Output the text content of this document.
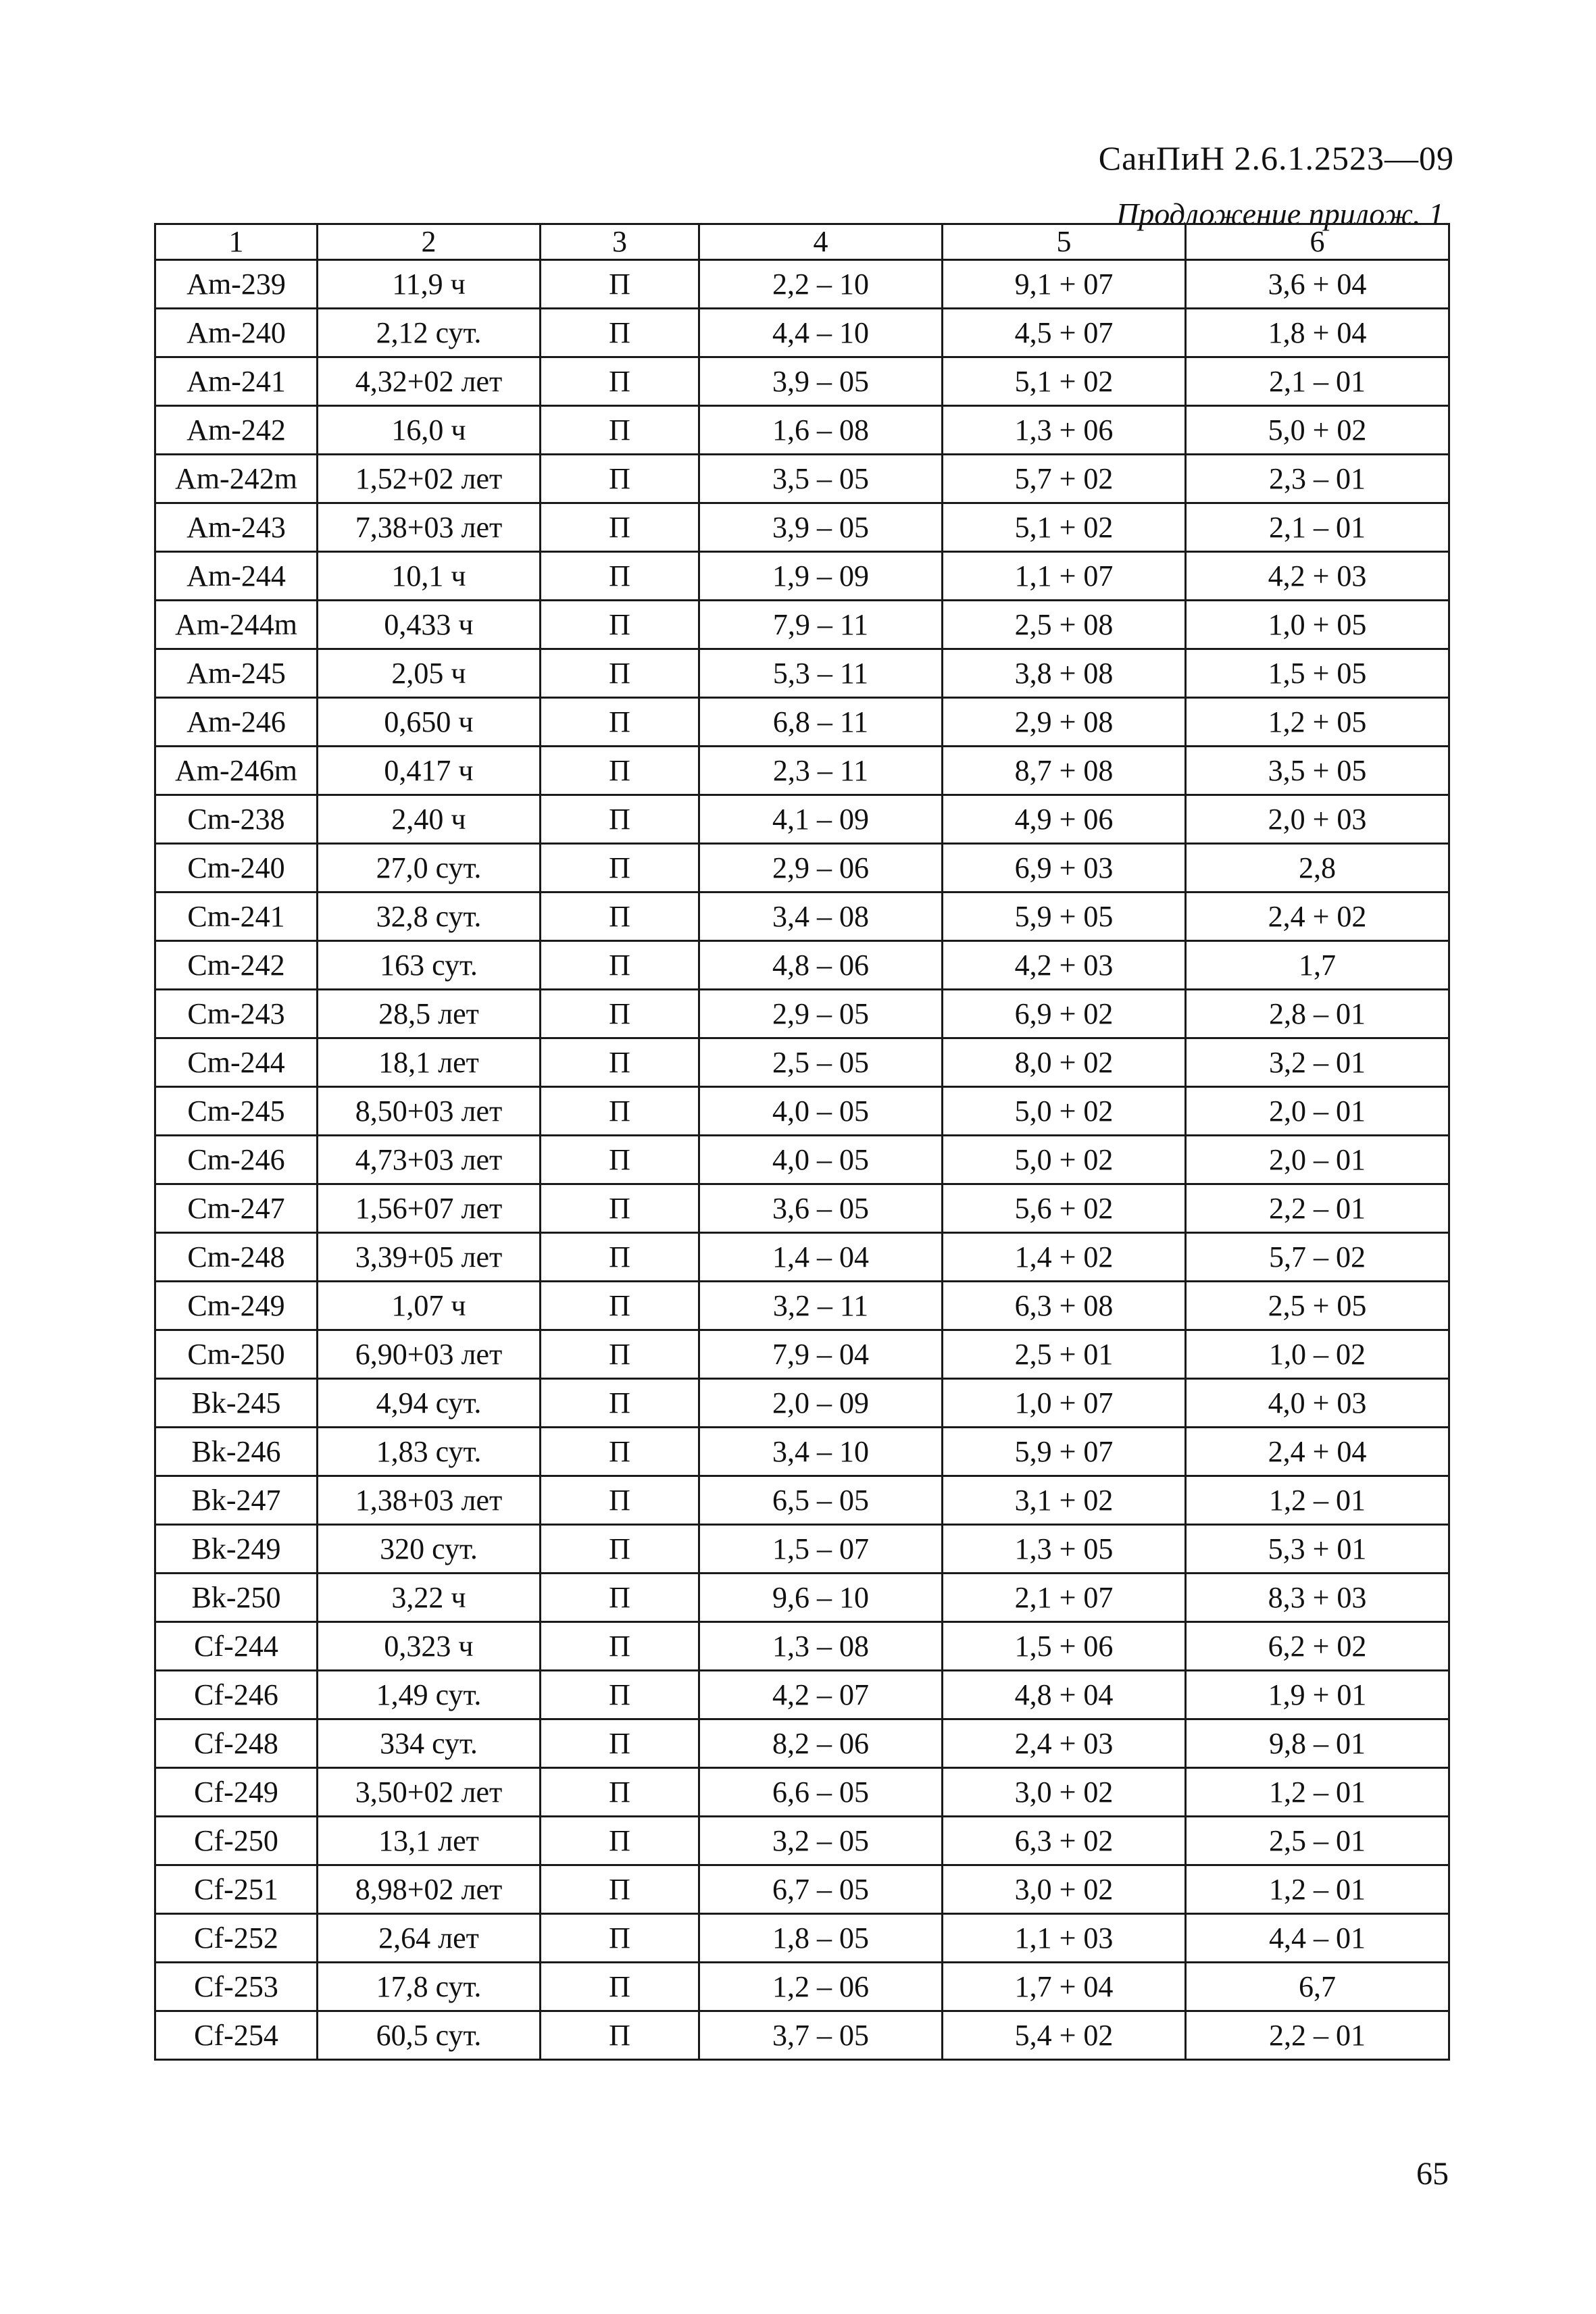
СанПиН 2.6.1.2523—09
Продложение прилож. 1
1	2	3	4	5	6
Am-239	11,9 ч	П	2,2 – 10	9,1 + 07	3,6 + 04
Am-240	2,12 сут.	П	4,4 – 10	4,5 + 07	1,8 + 04
Am-241	4,32+02 лет	П	3,9 – 05	5,1 + 02	2,1 – 01
Am-242	16,0 ч	П	1,6 – 08	1,3 + 06	5,0 + 02
Am-242m	1,52+02 лет	П	3,5 – 05	5,7 + 02	2,3 – 01
Am-243	7,38+03 лет	П	3,9 – 05	5,1 + 02	2,1 – 01
Am-244	10,1 ч	П	1,9 – 09	1,1 + 07	4,2 + 03
Am-244m	0,433 ч	П	7,9 – 11	2,5 + 08	1,0 + 05
Am-245	2,05 ч	П	5,3 – 11	3,8 + 08	1,5 + 05
Am-246	0,650 ч	П	6,8 – 11	2,9 + 08	1,2 + 05
Am-246m	0,417 ч	П	2,3 – 11	8,7 + 08	3,5 + 05
Cm-238	2,40 ч	П	4,1 – 09	4,9 + 06	2,0 + 03
Cm-240	27,0 сут.	П	2,9 – 06	6,9 + 03	2,8
Cm-241	32,8 сут.	П	3,4 – 08	5,9 + 05	2,4 + 02
Cm-242	163 сут.	П	4,8 – 06	4,2 + 03	1,7
Cm-243	28,5 лет	П	2,9 – 05	6,9 + 02	2,8 – 01
Cm-244	18,1 лет	П	2,5 – 05	8,0 + 02	3,2 – 01
Cm-245	8,50+03 лет	П	4,0 – 05	5,0 + 02	2,0 – 01
Cm-246	4,73+03 лет	П	4,0 – 05	5,0 + 02	2,0 – 01
Cm-247	1,56+07 лет	П	3,6 – 05	5,6 + 02	2,2 – 01
Cm-248	3,39+05 лет	П	1,4 – 04	1,4 + 02	5,7 – 02
Cm-249	1,07 ч	П	3,2 – 11	6,3 + 08	2,5 + 05
Cm-250	6,90+03 лет	П	7,9 – 04	2,5 + 01	1,0 – 02
Bk-245	4,94 сут.	П	2,0 – 09	1,0 + 07	4,0 + 03
Bk-246	1,83 сут.	П	3,4 – 10	5,9 + 07	2,4 + 04
Bk-247	1,38+03 лет	П	6,5 – 05	3,1 + 02	1,2 – 01
Bk-249	320 сут.	П	1,5 – 07	1,3 + 05	5,3 + 01
Bk-250	3,22 ч	П	9,6 – 10	2,1 + 07	8,3 + 03
Cf-244	0,323 ч	П	1,3 – 08	1,5 + 06	6,2 + 02
Cf-246	1,49 сут.	П	4,2 – 07	4,8 + 04	1,9 + 01
Cf-248	334 сут.	П	8,2 – 06	2,4 + 03	9,8 – 01
Cf-249	3,50+02 лет	П	6,6 – 05	3,0 + 02	1,2 – 01
Cf-250	13,1 лет	П	3,2 – 05	6,3 + 02	2,5 – 01
Cf-251	8,98+02 лет	П	6,7 – 05	3,0 + 02	1,2 – 01
Cf-252	2,64 лет	П	1,8 – 05	1,1 + 03	4,4 – 01
Cf-253	17,8 сут.	П	1,2 – 06	1,7 + 04	6,7
Cf-254	60,5 сут.	П	3,7 – 05	5,4 + 02	2,2 – 01
65
